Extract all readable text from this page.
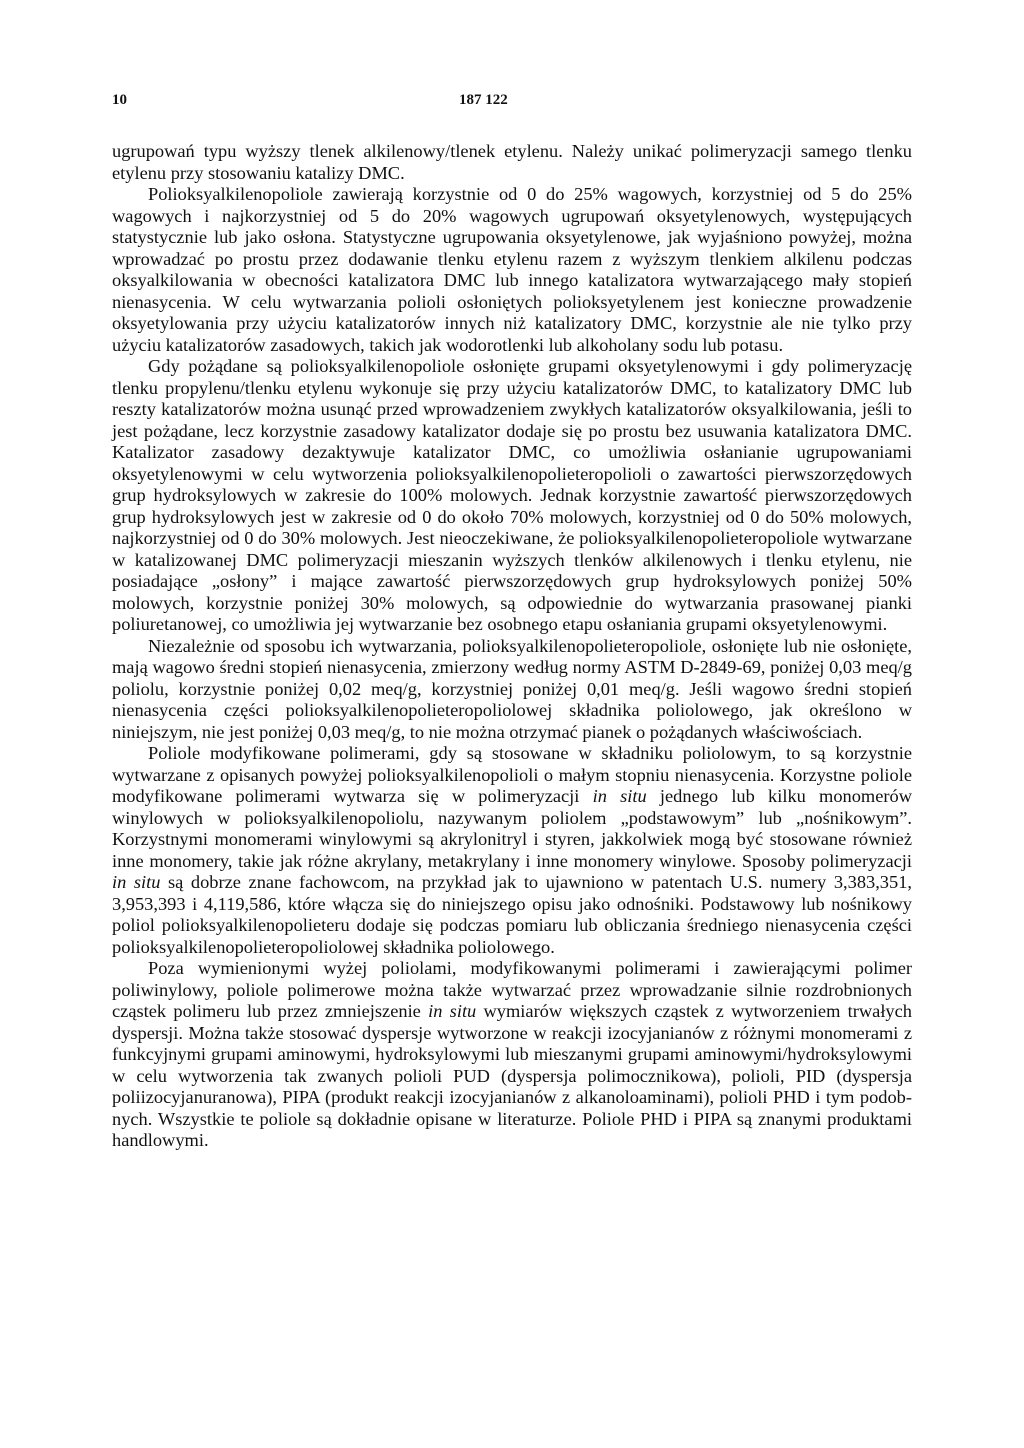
10	187 122

ugrupowań typu wyższy tlenek alkilenowy/tlenek etylenu. Należy unikać polimeryzacji samego tlenku etylenu przy stosowaniu katalizy DMC.

Polioksyalkilenopoliole zawierają korzystnie od 0 do 25% wagowych, korzystniej od 5 do 25% wagowych i najkorzystniej od 5 do 20% wagowych ugrupowań oksyetylenowych, występujących statystycznie lub jako osłona. Statystyczne ugrupowania oksyetylenowe, jak wyjaśniono powyżej, można wprowadzać po prostu przez dodawanie tlenku etylenu razem z wyższym tlenkiem alkilenu podczas oksyalkilowania w obecności katalizatora DMC lub innego katalizatora wytwarzającego mały stopień nienasycenia. W celu wytwarzania polioli osłoniętych polioksyetylenem jest konieczne prowadzenie oksyetylowania przy użyciu katalizatorów innych niż katalizatory DMC, korzystnie ale nie tylko przy użyciu katalizatorów zasadowych, takich jak wodorotlenki lub alkoholany sodu lub potasu.

Gdy pożądane są polioksyalkilenopoliole osłonięte grupami oksyetylenowymi i gdy polimeryzację tlenku propylenu/tlenku etylenu wykonuje się przy użyciu katalizatorów DMC, to katalizatory DMC lub reszty katalizatorów można usunąć przed wprowadzeniem zwykłych katalizatorów oksyalkilowania, jeśli to jest pożądane, lecz korzystnie zasadowy katalizator dodaje się po prostu bez usuwania katalizatora DMC. Katalizator zasadowy dezaktywuje katalizator DMC, co umożliwia osłanianie ugrupowaniami oksyetylenowymi w celu wytworzenia polioksyalkilenopolieteropolioli o zawartości pierwszorzędowych grup hydroksylowych w zakresie do 100% molowych. Jednak korzystnie zawartość pierwszorzędowych grup hydroksylowych jest w zakresie od 0 do około 70% molowych, korzystniej od 0 do 50% molowych, najkorzystniej od 0 do 30% molowych. Jest nieoczekiwane, że polioksyalkilenopolieteropoliole wytwarzane w katalizowanej DMC polimeryzacji mieszanin wyższych tlenków alkilenowych i tlenku etylenu, nie posiadające „osłony” i mające zawartość pierwszorzędowych grup hydroksylowych poniżej 50% molowych, korzystnie poniżej 30% molowych, są odpowiednie do wytwarzania prasowanej pianki poliuretanowej, co umożliwia jej wytwarzanie bez osobnego etapu osłaniania grupami oksyetylenowymi.

Niezależnie od sposobu ich wytwarzania, polioksyalkilenopolieteropoliole, osłonięte lub nie osłonięte, mają wagowo średni stopień nienasycenia, zmierzony według normy ASTM D-2849-69, poniżej 0,03 meq/g poliolu, korzystnie poniżej 0,02 meq/g, korzystniej poniżej 0,01 meq/g. Jeśli wagowo średni stopień nienasycenia części polioksyalkilenopolieteropoliolowej składnika poliolowego, jak określono w niniejszym, nie jest poniżej 0,03 meq/g, to nie można otrzymać pianek o pożądanych właściwościach.

Poliole modyfikowane polimerami, gdy są stosowane w składniku poliolowym, to są korzystnie wytwarzane z opisanych powyżej polioksyalkilenopolioli o małym stopniu nienasycenia. Korzystne poliole modyfikowane polimerami wytwarza się w polimeryzacji in situ jednego lub kilku monomerów winylowych w polioksyalkilenopoliolu, nazywanym poliolem „podstawowym” lub „nośnikowym”. Korzystnymi monomerami winylowymi są akrylonitryl i styren, jakkolwiek mogą być stosowane również inne monomery, takie jak różne akrylany, metakrylany i inne monomery winylowe. Sposoby polimeryzacji in situ są dobrze znane fachowcom, na przykład jak to ujawniono w patentach U.S. numery 3,383,351, 3,953,393 i 4,119,586, które włącza się do niniejszego opisu jako odnośniki. Podstawowy lub nośnikowy poliol polioksyalkilenopolieteru dodaje się podczas pomiaru lub obliczania średniego nienasycenia części polioksyalkilenopolieteropoliolowej składnika poliolowego.

Poza wymienionymi wyżej poliolami, modyfikowanymi polimerami i zawierającymi polimer poliwinylowy, poliole polimerowe można także wytwarzać przez wprowadzanie silnie rozdrobnionych cząstek polimeru lub przez zmniejszenie in situ wymiarów większych cząstek z wytworzeniem trwałych dyspersji. Można także stosować dyspersje wytworzone w reakcji izocyjanianów z różnymi monomerami z funkcyjnymi grupami aminowymi, hydroksylowymi lub mieszanymi grupami aminowymi/hydroksylowymi w celu wytworzenia tak zwanych polioli PUD (dyspersja polimocznikowa), polioli, PID (dyspersja poliizocyjanuranowa), PIPA (produkt reakcji izocyjanianów z alkanoloaminami), polioli PHD i tym podobnych. Wszystkie te poliole są dokładnie opisane w literaturze. Poliole PHD i PIPA są znanymi produktami handlowymi.
